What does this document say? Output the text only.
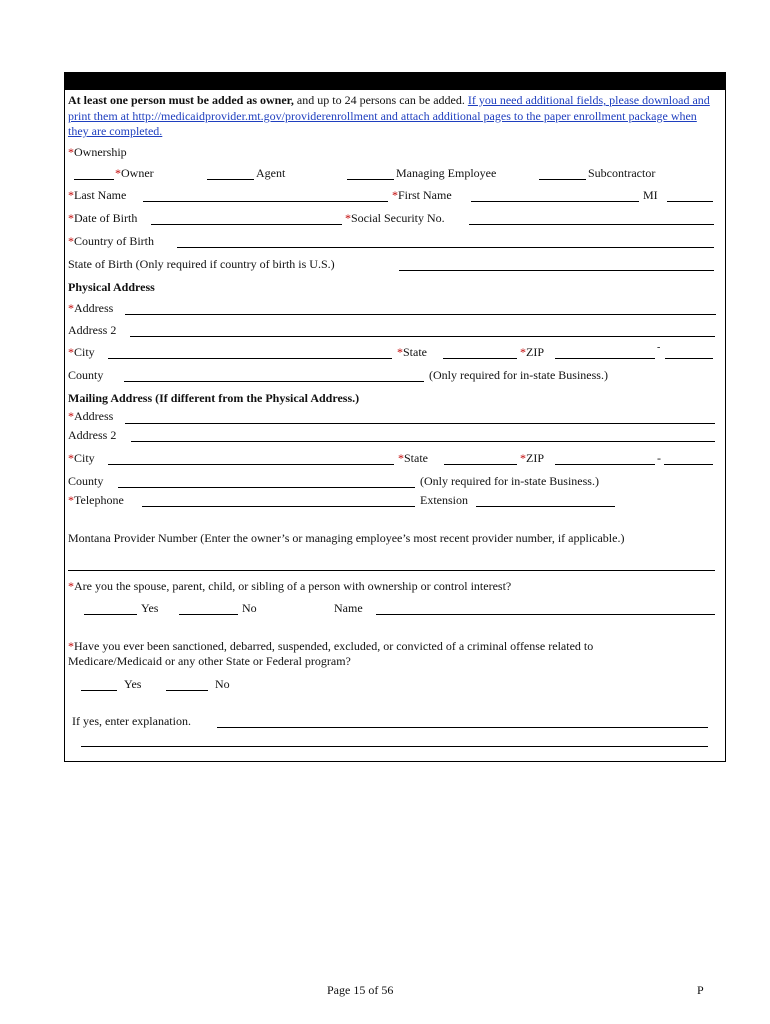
At least one person must be added as owner, and up to 24 persons can be added. If you need additional fields, please download and print them at http://medicaidprovider.mt.gov/providerenrollment and attach additional pages to the paper enrollment package when they are completed.
*Ownership
*Owner	Agent	Managing Employee	Subcontractor
*Last Name	*First Name	MI
*Date of Birth	*Social Security No.
*Country of Birth
State of Birth (Only required if country of birth is U.S.)
Physical Address
*Address
Address 2
*City	*State	*ZIP	-
County	(Only required for in-state Business.)
Mailing Address (If different from the Physical Address.)
*Address
Address 2
*City	*State	*ZIP	-
County	(Only required for in-state Business.)
*Telephone	Extension
Montana Provider Number (Enter the owner’s or managing employee’s most recent provider number, if applicable.)
*Are you the spouse, parent, child, or sibling of a person with ownership or control interest?
Yes	No	Name
*Have you ever been sanctioned, debarred, suspended, excluded, or convicted of a criminal offense related to
Medicare/Medicaid or any other State or Federal program?
Yes	No
If yes, enter explanation.
Page 15 of 56	P
